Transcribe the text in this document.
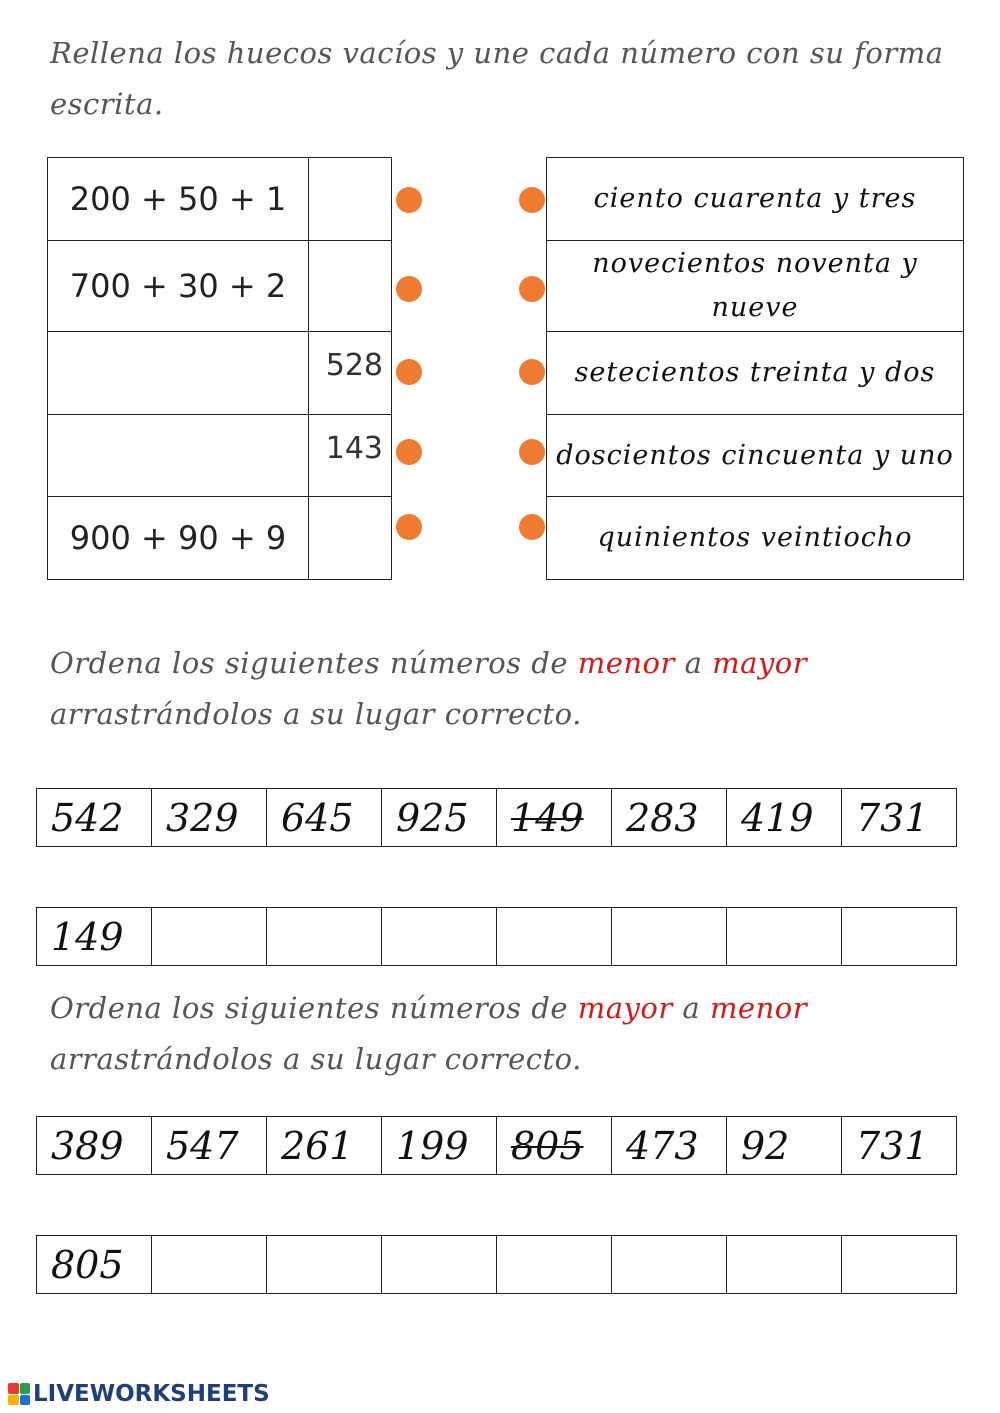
Rellena los huecos vacíos y une cada número con su forma escrita.
200 + 50 + 1	
700 + 30 + 2	
	528
	143
900 + 90 + 9	
ciento cuarenta y tres
novecientos noventa y nueve
setecientos treinta y dos
doscientos cincuenta y uno
quinientos veintiocho
Ordena los siguientes números de menor a mayor
arrastrándolos a su lugar correcto.
542	329	645	925	149	283	419	731
149							
Ordena los siguientes números de mayor a menor
arrastrándolos a su lugar correcto.
389	547	261	199	805	473	92	731
805							
LIVEWORKSHEETS
